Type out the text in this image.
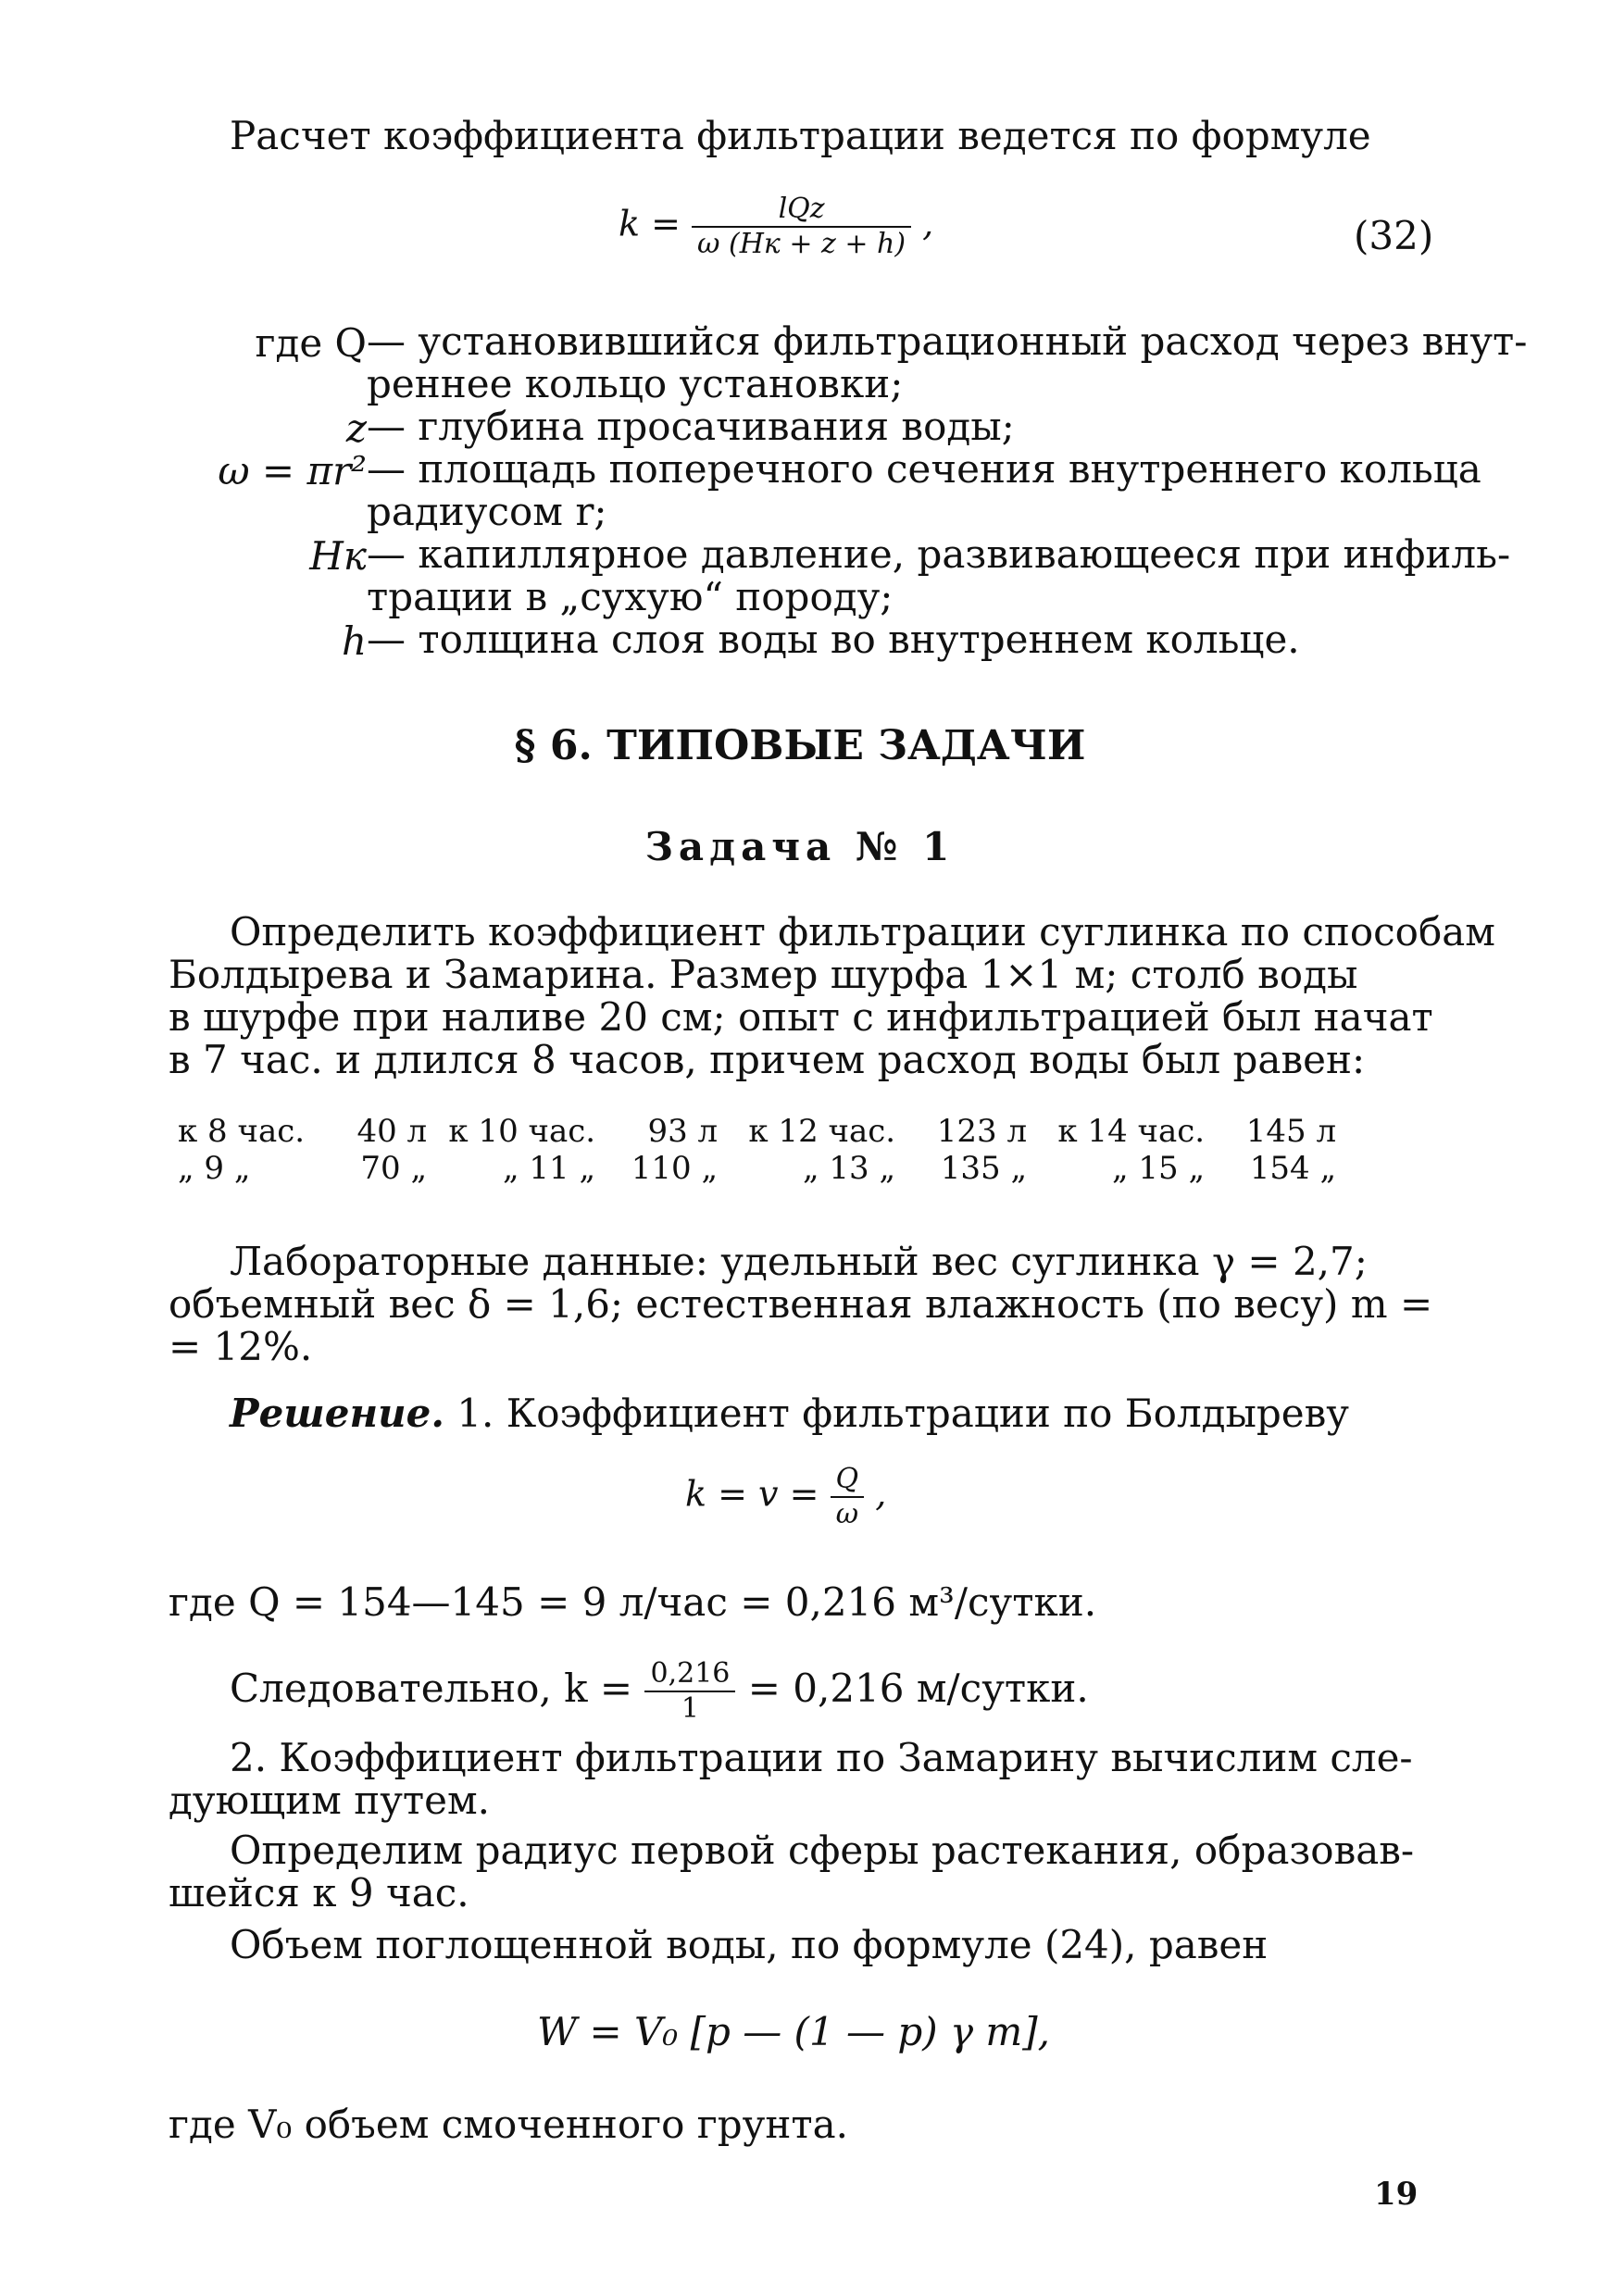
Расчет коэффициента фильтрации ведется по формуле
$k = \frac{\text{lQz}}{\omega (Hк + z + h)}$ ,	(32)
где Q — установившийся фильтрационный расход через внут-
реннее кольцо установки;
z — глубина просачивания воды;
ω = πr² — площадь поперечного сечения внутреннего кольца
радиусом r;
Hк — капиллярное давление, развивающееся при инфиль-
трации в „сухую“ породу;
h — толщина слоя воды во внутреннем кольце.
§ 6. ТИПОВЫЕ ЗАДАЧИ
Задача № 1
Определить коэффициент фильтрации суглинка по способам
Болдырева и Замарина. Размер шурфа 1×1 м; столб воды
в шурфе при наливе 20 см; опыт с инфильтрацией был начат
в 7 час. и длился 8 часов, причем расход воды был равен:
к 8 час.	40 л	к 10 час.	93 л	к 12 час.	123 л	к 14 час.	145 л
„ 9 „	70 „	„ 11 „	110 „	„ 13 „	135 „	„ 15 „	154 „
Лабораторные данные: удельный вес суглинка γ = 2,7;
объемный вес δ = 1,6; естественная влажность (по весу) m =
= 12%.
Решение. 1. Коэффициент фильтрации по Болдыреву
$k = v = \frac{Q}{\omega}$ ,
где Q = 154—145 = 9 л/час = 0,216 м³/сутки.
Следовательно, $k = \frac{0,216}{1} = 0,216$ м/сутки.
2. Коэффициент фильтрации по Замарину вычислим сле-
дующим путем.
Определим радиус первой сферы растекания, образовав-
шейся к 9 час.
Объем поглощенной воды, по формуле (24), равен
W = V₀ [p — (1 — p) γ m],
где V₀ объем смоченного грунта.
19
